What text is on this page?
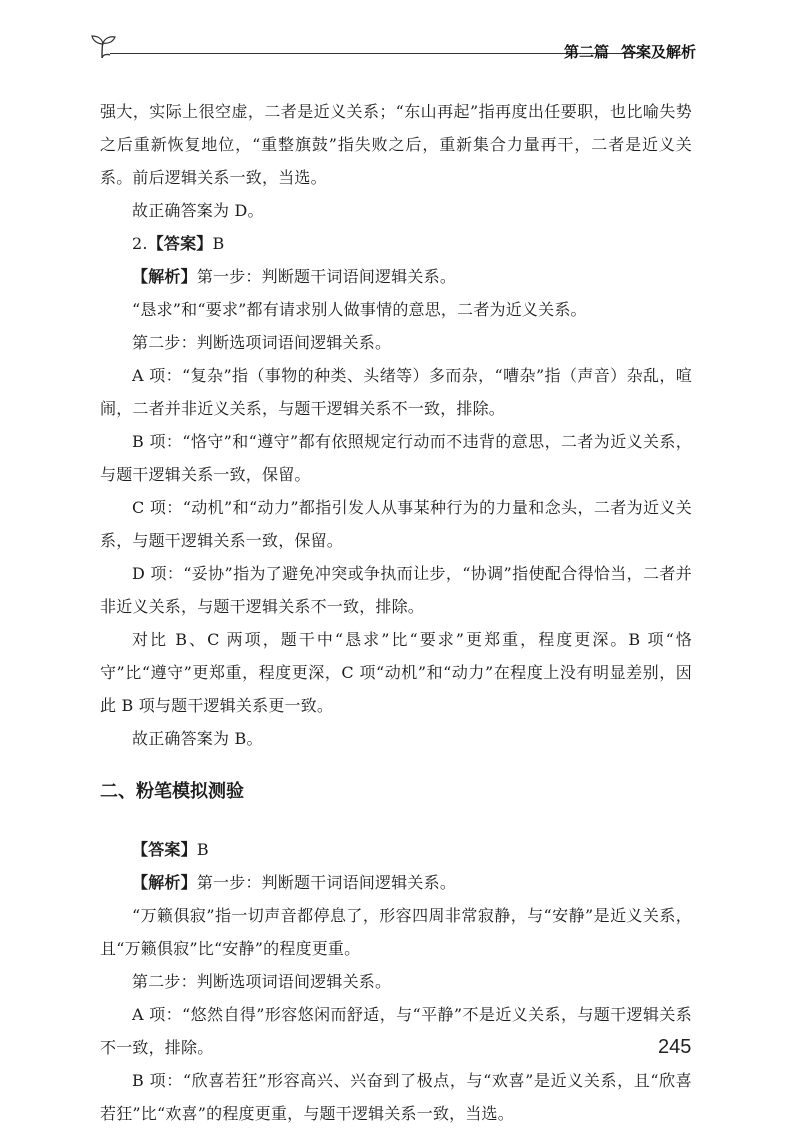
第二篇 答案及解析

强大，实际上很空虚，二者是近义关系；“东山再起”指再度出任要职，也比喻失势之后重新恢复地位，“重整旗鼓”指失败之后，重新集合力量再干，二者是近义关系。前后逻辑关系一致，当选。

故正确答案为 D。

2.【答案】B

【解析】第一步：判断题干词语间逻辑关系。

“恳求”和“要求”都有请求别人做事情的意思，二者为近义关系。

第二步：判断选项词语间逻辑关系。

A 项：“复杂”指（事物的种类、头绪等）多而杂，“嘈杂”指（声音）杂乱，喧闹，二者并非近义关系，与题干逻辑关系不一致，排除。

B 项：“恪守”和“遵守”都有依照规定行动而不违背的意思，二者为近义关系，与题干逻辑关系一致，保留。

C 项：“动机”和“动力”都指引发人从事某种行为的力量和念头，二者为近义关系，与题干逻辑关系一致，保留。

D 项：“妥协”指为了避免冲突或争执而让步，“协调”指使配合得恰当，二者并非近义关系，与题干逻辑关系不一致，排除。

对比 B、C 两项，题干中“恳求”比“要求”更郑重，程度更深。B 项“恪守”比“遵守”更郑重，程度更深，C 项“动机”和“动力”在程度上没有明显差别，因此 B 项与题干逻辑关系更一致。

故正确答案为 B。

二、粉笔模拟测验

【答案】B

【解析】第一步：判断题干词语间逻辑关系。

“万籁俱寂”指一切声音都停息了，形容四周非常寂静，与“安静”是近义关系，且“万籁俱寂”比“安静”的程度更重。

第二步：判断选项词语间逻辑关系。

A 项：“悠然自得”形容悠闲而舒适，与“平静”不是近义关系，与题干逻辑关系不一致，排除。

B 项：“欣喜若狂”形容高兴、兴奋到了极点，与“欢喜”是近义关系，且“欣喜若狂”比“欢喜”的程度更重，与题干逻辑关系一致，当选。

245
